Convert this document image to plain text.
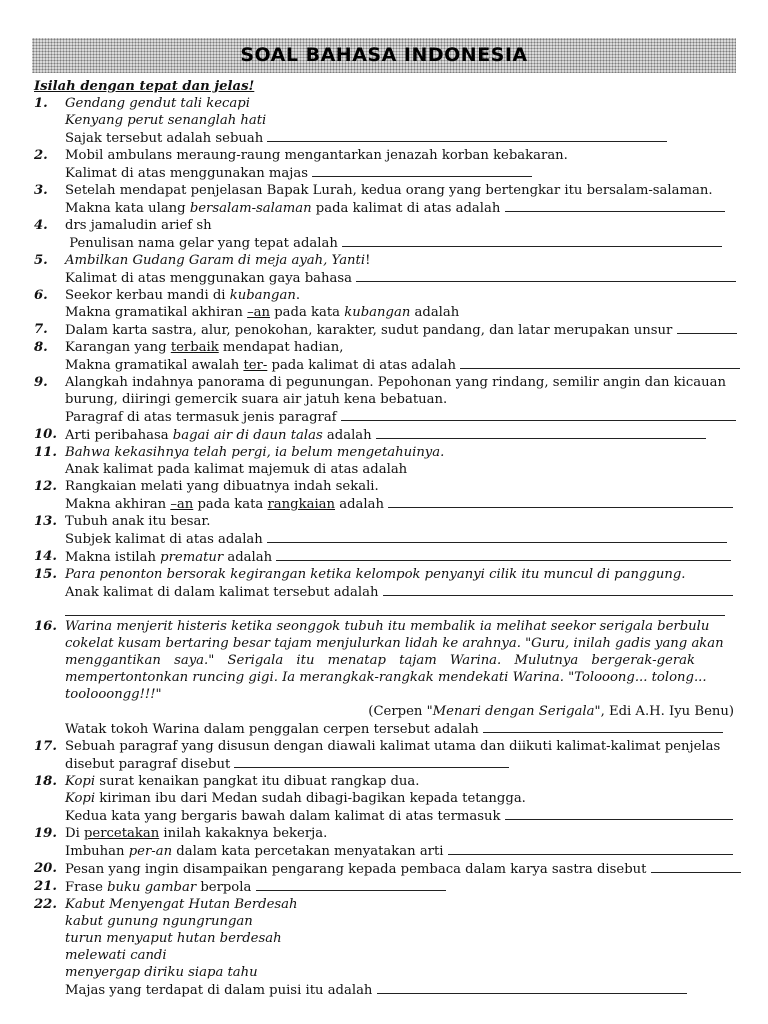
SOAL BAHASA INDONESIA
Isilah dengan tepat dan jelas!
1.	Gendang gendut tali kecapi
Kenyang perut senanglah hati
Sajak tersebut adalah sebuah
2.	Mobil ambulans meraung-raung mengantarkan jenazah korban kebakaran.
Kalimat di atas menggunakan majas
3.	Setelah mendapat penjelasan Bapak Lurah, kedua orang yang bertengkar itu bersalam-salaman.
Makna kata ulang bersalam-salaman pada kalimat di atas adalah
4.	drs jamaludin arief sh
Penulisan nama gelar yang tepat adalah
5.	Ambilkan Gudang Garam di meja ayah, Yanti!
Kalimat di atas menggunakan gaya bahasa
6.	Seekor kerbau mandi di kubangan.
Makna gramatikal akhiran –an pada kata kubangan adalah
7.	Dalam karta sastra, alur, penokohan, karakter, sudut pandang, dan latar merupakan unsur
8.	Karangan yang terbaik mendapat hadian,
Makna gramatikal awalah ter- pada kalimat di atas adalah
9.	Alangkah indahnya panorama di pegunungan. Pepohonan yang rindang, semilir angin dan kicauan
burung, diiringi gemercik suara air jatuh kena bebatuan.
Paragraf di atas termasuk jenis paragraf
10. Arti peribahasa bagai air di daun talas adalah
11. Bahwa kekasihnya telah pergi, ia belum mengetahuinya.
Anak kalimat pada kalimat majemuk di atas adalah
12. Rangkaian melati yang dibuatnya indah sekali.
Makna akhiran –an pada kata rangkaian adalah
13. Tubuh anak itu besar.
Subjek kalimat di atas adalah
14. Makna istilah prematur adalah
15. Para penonton bersorak kegirangan ketika kelompok penyanyi cilik itu muncul di panggung.
Anak kalimat di dalam kalimat tersebut adalah
16. Warina menjerit histeris ketika seonggok tubuh itu membalik ia melihat seekor serigala berbulu
cokelat kusam bertaring besar tajam menjulurkan lidah ke arahnya. "Guru, inilah gadis yang akan
menggantikan saya." Serigala itu menatap tajam Warina. Mulutnya bergerak-gerak
mempertontonkan runcing gigi. Ia merangkak-rangkak mendekati Warina. "Tolooong... tolong...
toolooongg!!!"
(Cerpen "Menari dengan Serigala", Edi A.H. Iyu Benu)
Watak tokoh Warina dalam penggalan cerpen tersebut adalah
17. Sebuah paragraf yang disusun dengan diawali kalimat utama dan diikuti kalimat-kalimat penjelas
disebut paragraf disebut
18. Kopi surat kenaikan pangkat itu dibuat rangkap dua.
Kopi kiriman ibu dari Medan sudah dibagi-bagikan kepada tetangga.
Kedua kata yang bergaris bawah dalam kalimat di atas termasuk
19. Di percetakan inilah kakaknya bekerja.
Imbuhan per-an dalam kata percetakan menyatakan arti
20. Pesan yang ingin disampaikan pengarang kepada pembaca dalam karya sastra disebut
21. Frase buku gambar berpola
22. Kabut Menyengat Hutan Berdesah
kabut gunung ngungrungan
turun menyaput hutan berdesah
melewati candi
menyergap diriku siapa tahu
Majas yang terdapat di dalam puisi itu adalah
